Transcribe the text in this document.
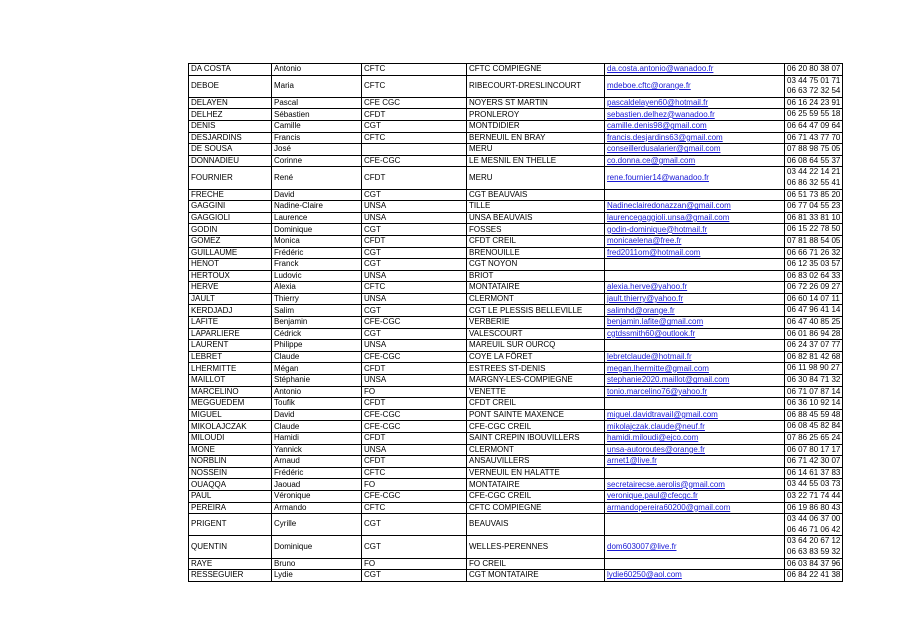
DA COSTA	Antonio	CFTC	CFTC COMPIEGNE	da.costa.antonio@wanadoo.fr	06 20 80 38 07

DEBOE	Maria	CFTC	RIBECOURT-DRESLINCOURT	mdeboe.cftc@orange.fr	03 44 75 01 71
06 63 72 32 54

DELAYEN	Pascal	CFE CGC	NOYERS ST MARTIN	pascaldelayen60@hotmail.fr	06 16 24 23 91

DELHEZ	Sébastien	CFDT	PRONLEROY	sebastien.delhez@wanadoo.fr	06 25 59 55 18

DENIS	Camille	CGT	MONTDIDIER	camille.denis98@gmail.com	06 64 47 09 64

DESJARDINS	Francis	CFTC	BERNEUIL EN BRAY	francis.desjardins63@gmail.com	06 71 43 77 70

DE SOUSA	José		MERU	conseillerdusalarier@gmail.com	07 88 98 75 05

DONNADIEU	Corinne	CFE-CGC	LE MESNIL EN THELLE	co.donna.ce@gmail.com	06 08 64 55 37

FOURNIER	René	CFDT	MERU	rene.fournier14@wanadoo.fr	03 44 22 14 21
06 86 32 55 41

FRECHE	David	CGT	CGT BEAUVAIS		06 51 73 85 20

GAGGINI	Nadine-Claire	UNSA	TILLE	Nadineclairedonazzan@gmail.com	06 77 04 55 23

GAGGIOLI	Laurence	UNSA	UNSA BEAUVAIS	laurencegaggioli.unsa@gmail.com	06 81 33 81 10

GODIN	Dominique	CGT	FOSSES	godin-dominique@hotmail.fr	06 15 22 78 50

GOMEZ	Monica	CFDT	CFDT CREIL	monicaelena@free.fr	07 81 88 54 05

GUILLAUME	Frédéric	CGT	BRENOUILLE	fred2011om@hotmail.com	06 66 71 26 32

HENOT	Franck	CGT	CGT NOYON		06 12 35 03 57

HERTOUX	Ludovic	UNSA	BRIOT		06 83 02 64 33

HERVE	Alexia	CFTC	MONTATAIRE	alexia.herve@yahoo.fr	06 72 26 09 27

JAULT	Thierry	UNSA	CLERMONT	jault.thierry@yahoo.fr	06 60 14 07 11

KERDJADJ	Salim	CGT	CGT LE PLESSIS BELLEVILLE	salimhd@orange.fr	06 47 96 41 14

LAFITE	Benjamin	CFE-CGC	VERBERIE	benjamin.lafite@gmail.com	06 47 40 85 25

LAPARLIERE	Cédrick	CGT	VALESCOURT	cgtdssmith60@outlook.fr	06 01 86 94 28

LAURENT	Philippe	UNSA	MAREUIL SUR OURCQ		06 24 37 07 77

LEBRET	Claude	CFE-CGC	COYE LA FÔRET	lebretclaude@hotmail.fr	06 82 81 42 68

LHERMITTE	Mégan	CFDT	ESTREES ST-DENIS	megan.lhermitte@gmail.com	06 11 98 90 27

MAILLOT	Stéphanie	UNSA	MARGNY-LES-COMPIEGNE	stephanie2020.maillot@gmail.com	06 30 84 71 32

MARCELINO	Antonio	FO	VENETTE	tonio.marcelino76@yahoo.fr	06 71 07 87 14

MEGGUEDEM	Toufik	CFDT	CFDT CREIL		06 36 10 92 14

MIGUEL	David	CFE-CGC	PONT SAINTE MAXENCE	miguel.davidtravail@gmail.com	06 88 45 59 48

MIKOLAJCZAK	Claude	CFE-CGC	CFE-CGC CREIL	mikolajczak.claude@neuf.fr	06 08 45 82 84

MILOUDI	Hamidi	CFDT	SAINT CREPIN IBOUVILLERS	hamidi.miloudi@ejco.com	07 86 25 65 24

MONE	Yannick	UNSA	CLERMONT	unsa-autoroutes@orange.fr	06 07 80 17 17

NORBLIN	Arnaud	CFDT	ANSAUVILLERS	arnet1@live.fr	06 71 42 30 07

NOSSEIN	Frédéric	CFTC	VERNEUIL EN HALATTE		06 14 61 37 83

OUAQQA	Jaouad	FO	MONTATAIRE	secretairecse.aerolis@gmail.com	03 44 55 03 73

PAUL	Véronique	CFE-CGC	CFE-CGC CREIL	veronique.paul@cfecgc.fr	03 22 71 74 44

PEREIRA	Armando	CFTC	CFTC COMPIEGNE	armandopereira60200@gmail.com	06 19 86 80 43

PRIGENT	Cyrille	CGT	BEAUVAIS		03 44 06 37 00
06 46 71 06 42

QUENTIN	Dominique	CGT	WELLES-PERENNES	dom603007@live.fr	03 64 20 67 12
06 63 83 59 32

RAYE	Bruno	FO	FO CREIL		06 03 84 37 96

RESSEGUIER	Lydie	CGT	CGT MONTATAIRE	lydie60250@aol.com	06 84 22 41 38
